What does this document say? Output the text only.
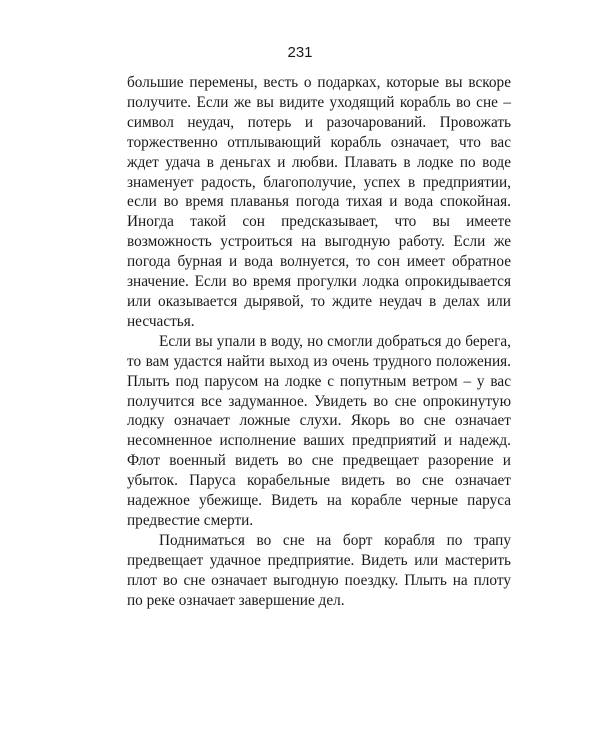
231

большие перемены, весть о подарках, которые вы вскоре получите. Если же вы видите уходящий корабль во сне – символ неудач, потерь и разочарований. Провожать торжественно отплывающий корабль означает, что вас ждет удача в деньгах и любви. Плавать в лодке по воде знаменует радость, благополучие, успех в предприятии, если во время плаванья погода тихая и вода спокойная. Иногда такой сон предсказывает, что вы имеете возможность устроиться на выгодную работу. Если же погода бурная и вода волнуется, то сон имеет обратное значение. Если во время прогулки лодка опрокидывается или оказывается дырявой, то ждите неудач в делах или несчастья.

Если вы упали в воду, но смогли добраться до берега, то вам удастся найти выход из очень трудного положения. Плыть под парусом на лодке с попутным ветром – у вас получится все задуманное. Увидеть во сне опрокинутую лодку означает ложные слухи. Якорь во сне означает несомненное исполнение ваших предприятий и надежд. Флот военный видеть во сне предвещает разорение и убыток. Паруса корабельные видеть во сне означает надежное убежище. Видеть на корабле черные паруса предвестие смерти.

Подниматься во сне на борт корабля по трапу предвещает удачное предприятие. Видеть или мастерить плот во сне означает выгодную поездку. Плыть на плоту по реке означает завершение дел.
